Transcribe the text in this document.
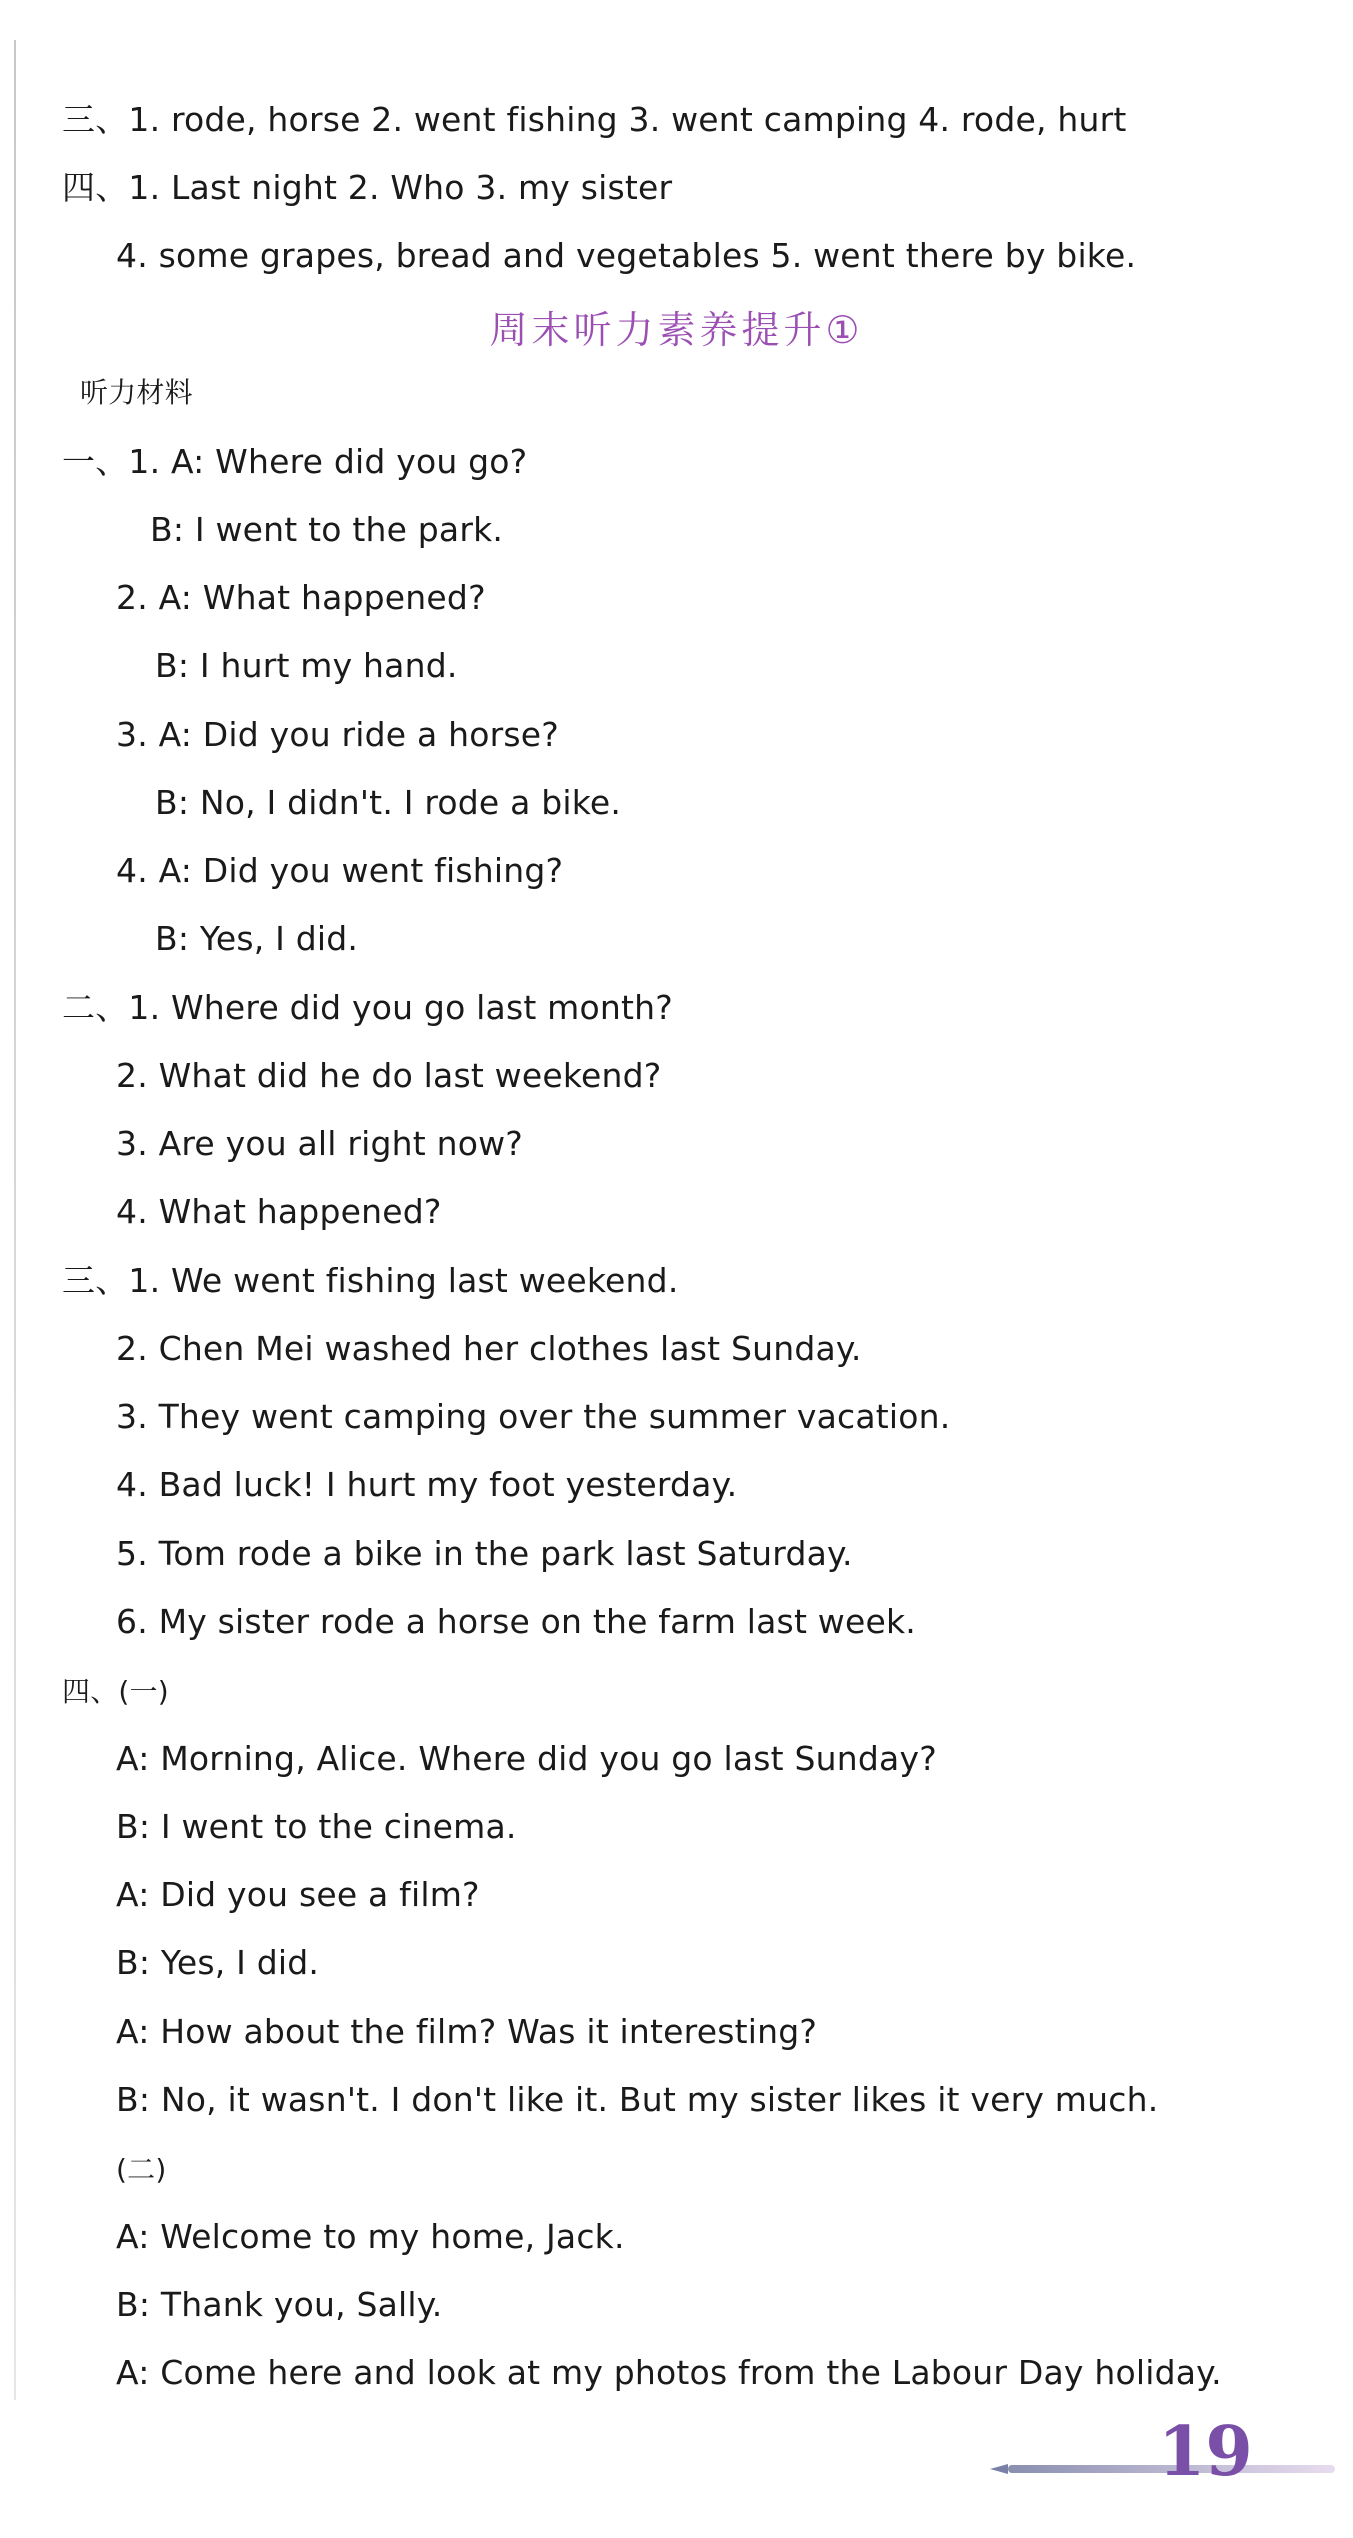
三、1. rode, horse 2. went fishing 3. went camping 4. rode, hurt
四、1. Last night 2. Who 3. my sister
4. some grapes, bread and vegetables 5. went there by bike.
周末听力素养提升①
听力材料
一、1. A: Where did you go?
B: I went to the park.
2. A: What happened?
B: I hurt my hand.
3. A: Did you ride a horse?
B: No, I didn't. I rode a bike.
4. A: Did you went fishing?
B: Yes, I did.
二、1. Where did you go last month?
2. What did he do last weekend?
3. Are you all right now?
4. What happened?
三、1. We went fishing last weekend.
2. Chen Mei washed her clothes last Sunday.
3. They went camping over the summer vacation.
4. Bad luck! I hurt my foot yesterday.
5. Tom rode a bike in the park last Saturday.
6. My sister rode a horse on the farm last week.
四、(一)
A: Morning, Alice. Where did you go last Sunday?
B: I went to the cinema.
A: Did you see a film?
B: Yes, I did.
A: How about the film? Was it interesting?
B: No, it wasn't. I don't like it. But my sister likes it very much.
(二)
A: Welcome to my home, Jack.
B: Thank you, Sally.
A: Come here and look at my photos from the Labour Day holiday.
19
